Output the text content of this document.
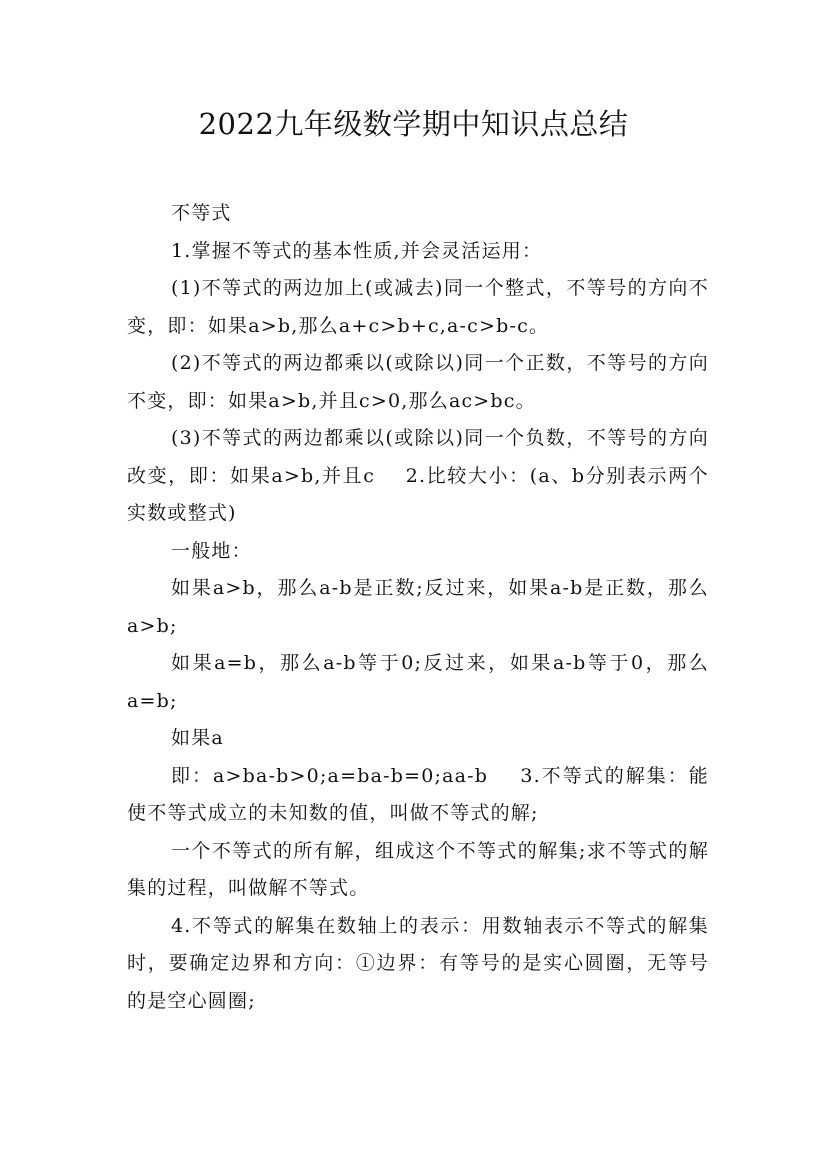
2022九年级数学期中知识点总结

不等式

1.掌握不等式的基本性质,并会灵活运用：

(1)不等式的两边加上(或减去)同一个整式，不等号的方向不变，即：如果a>b,那么a+c>b+c,a-c>b-c。

(2)不等式的两边都乘以(或除以)同一个正数，不等号的方向不变，即：如果a>b,并且c>0,那么ac>bc。

(3)不等式的两边都乘以(或除以)同一个负数，不等号的方向改变，即：如果a>b,并且c    2.比较大小：(a、b分别表示两个实数或整式)

一般地：

如果a>b，那么a-b是正数;反过来，如果a-b是正数，那么a>b;

如果a=b，那么a-b等于0;反过来，如果a-b等于0，那么a=b;

如果a

即：a>ba-b>0;a=ba-b=0;aa-b    3.不等式的解集：能使不等式成立的未知数的值，叫做不等式的解;

一个不等式的所有解，组成这个不等式的解集;求不等式的解集的过程，叫做解不等式。

4.不等式的解集在数轴上的表示：用数轴表示不等式的解集时，要确定边界和方向：①边界：有等号的是实心圆圈，无等号的是空心圆圈;
